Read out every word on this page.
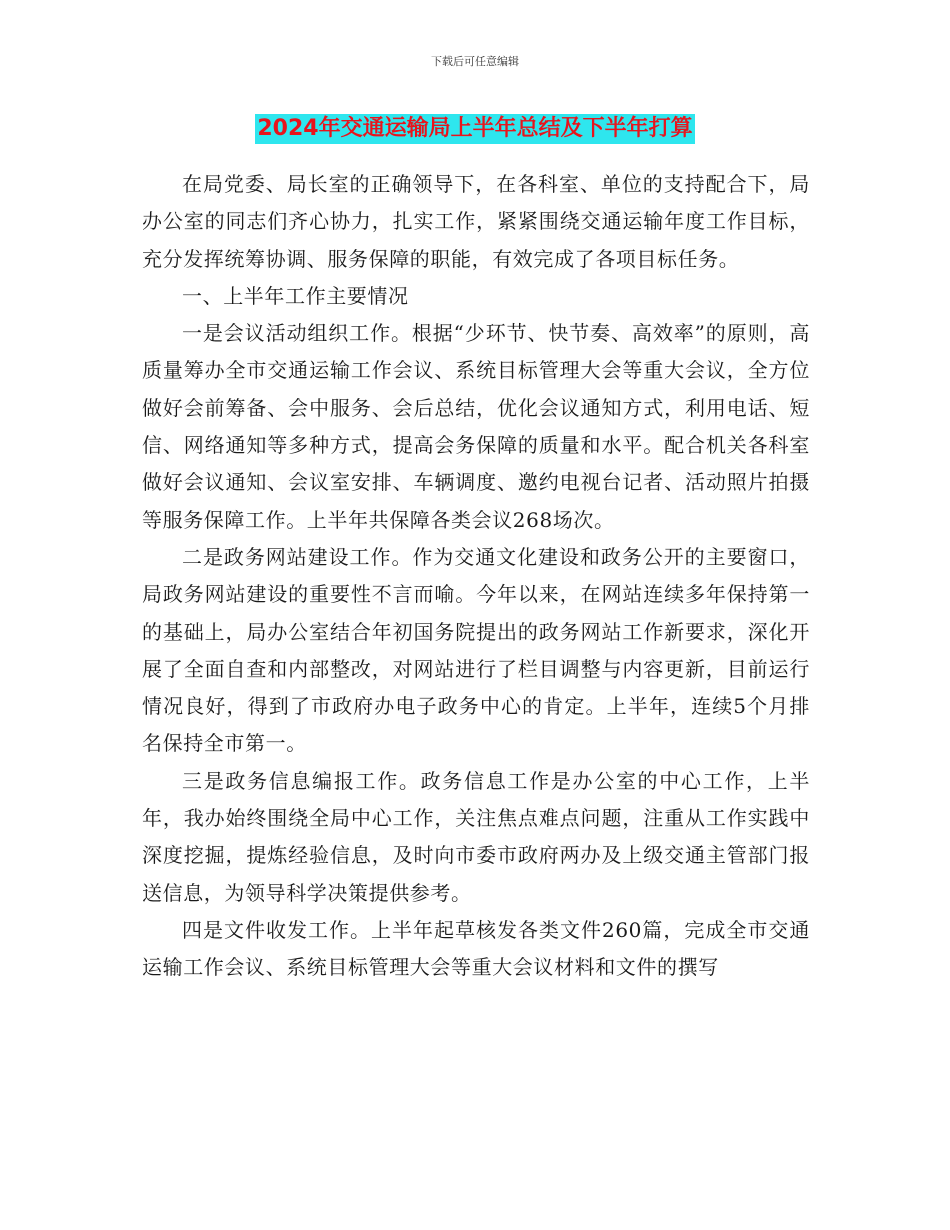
下载后可任意编辑
2024年交通运输局上半年总结及下半年打算

在局党委、局长室的正确领导下，在各科室、单位的支持配合下，局办公室的同志们齐心协力，扎实工作，紧紧围绕交通运输年度工作目标，充分发挥统筹协调、服务保障的职能，有效完成了各项目标任务。

一、上半年工作主要情况

一是会议活动组织工作。根据“少环节、快节奏、高效率”的原则，高质量筹办全市交通运输工作会议、系统目标管理大会等重大会议，全方位做好会前筹备、会中服务、会后总结，优化会议通知方式，利用电话、短信、网络通知等多种方式，提高会务保障的质量和水平。配合机关各科室做好会议通知、会议室安排、车辆调度、邀约电视台记者、活动照片拍摄等服务保障工作。上半年共保障各类会议268场次。

二是政务网站建设工作。作为交通文化建设和政务公开的主要窗口，局政务网站建设的重要性不言而喻。今年以来，在网站连续多年保持第一的基础上，局办公室结合年初国务院提出的政务网站工作新要求，深化开展了全面自查和内部整改，对网站进行了栏目调整与内容更新，目前运行情况良好，得到了市政府办电子政务中心的肯定。上半年，连续5个月排名保持全市第一。

三是政务信息编报工作。政务信息工作是办公室的中心工作，上半年，我办始终围绕全局中心工作，关注焦点难点问题，注重从工作实践中深度挖掘，提炼经验信息，及时向市委市政府两办及上级交通主管部门报送信息，为领导科学决策提供参考。

四是文件收发工作。上半年起草核发各类文件260篇，完成全市交通运输工作会议、系统目标管理大会等重大会议材料和文件的撰写
